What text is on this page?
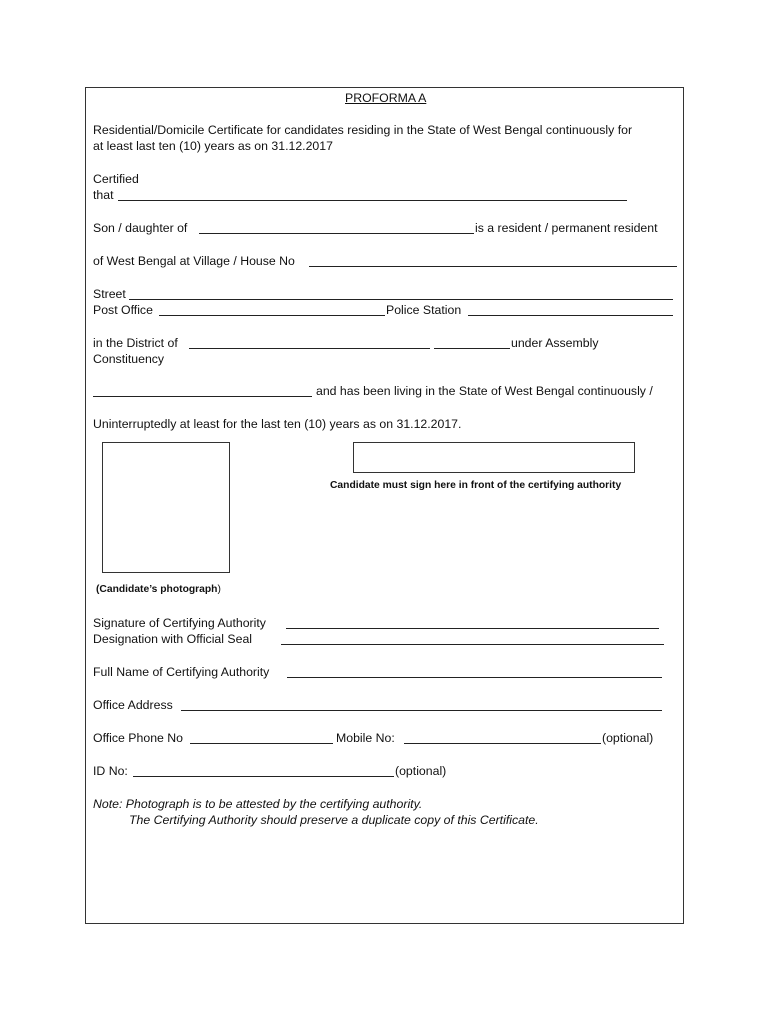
PROFORMA A
Residential/Domicile Certificate for candidates residing in the State of West Bengal continuously for
at least last ten (10) years as on 31.12.2017
Certified
that
Son / daughter of	is a resident / permanent resident
of West Bengal at Village / House No
Street
Post Office	Police Station
in the District of	under Assembly
Constituency
and has been living in the State of West Bengal continuously /
Uninterruptedly at least for the last ten (10) years as on 31.12.2017.
Candidate must sign here in front of the certifying authority
(Candidate’s photograph)
Signature of Certifying Authority
Designation with Official Seal
Full Name of Certifying Authority
Office Address
Office Phone No	Mobile No:	(optional)
ID No:	(optional)
Note: Photograph is to be attested by the certifying authority.
The Certifying Authority should preserve a duplicate copy of this Certificate.
